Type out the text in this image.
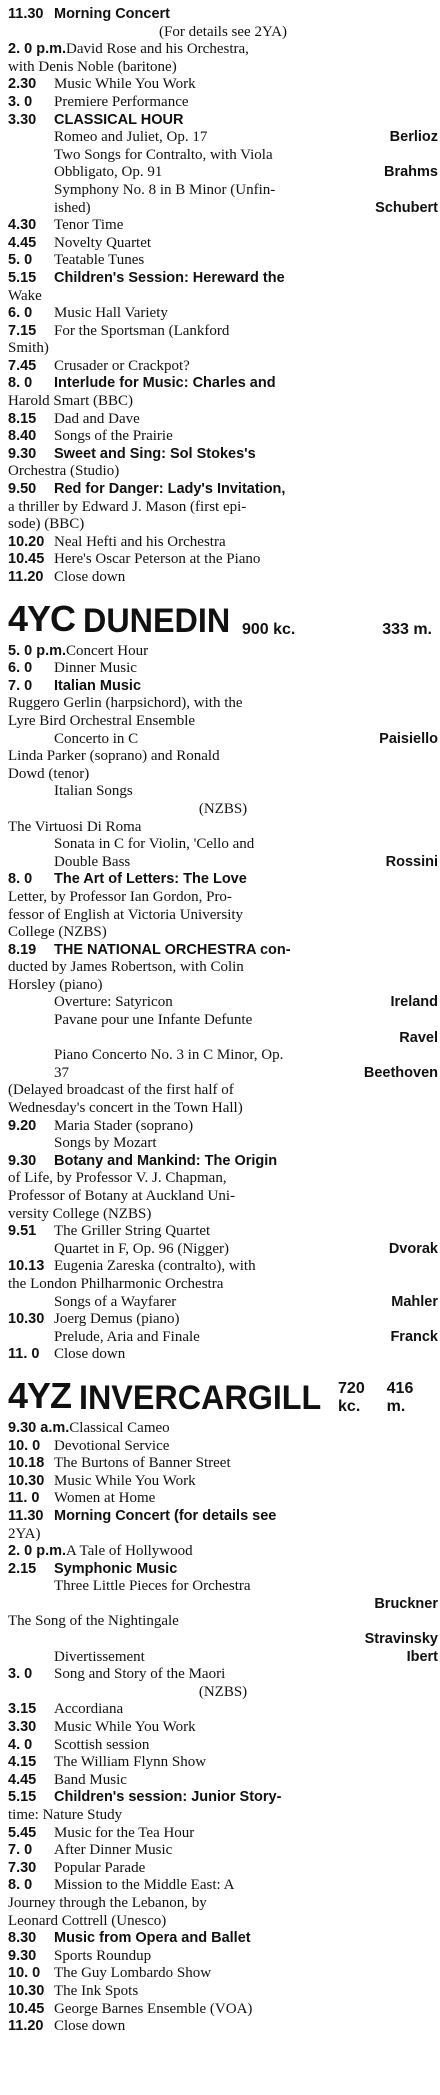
11.30 Morning Concert
(For details see 2YA)
2. 0 p.m. David Rose and his Orchestra,
with Denis Noble (baritone)
2.30	Music While You Work
3. 0	Premiere Performance
3.30	CLASSICAL HOUR
Romeo and Juliet, Op. 17	Berlioz
Two Songs for Contralto, with Viola
Obbligato, Op. 91	Brahms
Symphony No. 8 in B Minor (Unfin-
ished)	Schubert
4.30	Tenor Time
4.45	Novelty Quartet
5. 0	Teatable Tunes
5.15	Children's Session: Hereward the
Wake
6. 0	Music Hall Variety
7.15	For the Sportsman (Lankford
Smith)
7.45	Crusader or Crackpot?
8. 0	Interlude for Music: Charles and
Harold Smart (BBC)
8.15	Dad and Dave
8.40	Songs of the Prairie
9.30	Sweet and Sing: Sol Stokes's
Orchestra (Studio)
9.50	Red for Danger: Lady's Invitation,
a thriller by Edward J. Mason (first epi-
sode) (BBC)
10.20 Neal Hefti and his Orchestra
10.45 Here's Oscar Peterson at the Piano
11.20 Close down
4YC DUNEDIN 900 kc.	333 m.
5. 0 p.m. Concert Hour
6. 0	Dinner Music
7. 0	Italian Music
Ruggero Gerlin (harpsichord), with the
Lyre Bird Orchestral Ensemble
Concerto in C	Paisiello
Linda Parker (soprano) and Ronald
Dowd (tenor)
Italian Songs
(NZBS)
The Virtuosi Di Roma
Sonata in C for Violin, 'Cello and
Double Bass	Rossini
8. 0	The Art of Letters: The Love
Letter, by Professor Ian Gordon, Pro-
fessor of English at Victoria University
College (NZBS)
8.19	THE NATIONAL ORCHESTRA con-
ducted by James Robertson, with Colin
Horsley (piano)
Overture: Satyricon	Ireland
Pavane pour une Infante Defunte
Ravel
Piano Concerto No. 3 in C Minor, Op.
37	Beethoven
(Delayed broadcast of the first half of
Wednesday's concert in the Town Hall)
9.20	Maria Stader (soprano)
Songs by Mozart
9.30	Botany and Mankind: The Origin
of Life, by Professor V. J. Chapman,
Professor of Botany at Auckland Uni-
versity College (NZBS)
9.51	The Griller String Quartet
Quartet in F, Op. 96 (Nigger)	Dvorak
10.13 Eugenia Zareska (contralto), with
the London Philharmonic Orchestra
Songs of a Wayfarer	Mahler
10.30 Joerg Demus (piano)
Prelude, Aria and Finale	Franck
11. 0 Close down
4YZ INVERCARGILL 720 kc.
416 m.
9.30 a.m. Classical Cameo
10. 0 Devotional Service
10.18 The Burtons of Banner Street
10.30 Music While You Work
11. 0 Women at Home
11.30 Morning Concert (for details see
2YA)
2. 0 p.m. A Tale of Hollywood
2.15	Symphonic Music
Three Little Pieces for Orchestra
Bruckner
The Song of the Nightingale
Stravinsky
Divertissement	Ibert
3. 0	Song and Story of the Maori
(NZBS)
3.15	Accordiana
3.30	Music While You Work
4. 0	Scottish session
4.15	The William Flynn Show
4.45	Band Music
5.15	Children's session: Junior Story-
time: Nature Study
5.45	Music for the Tea Hour
7. 0	After Dinner Music
7.30	Popular Parade
8. 0	Mission to the Middle East: A
Journey through the Lebanon, by
Leonard Cottrell (Unesco)
8.30	Music from Opera and Ballet
9.30	Sports Roundup
10. 0 The Guy Lombardo Show
10.30 The Ink Spots
10.45 George Barnes Ensemble (VOA)
11.20 Close down
